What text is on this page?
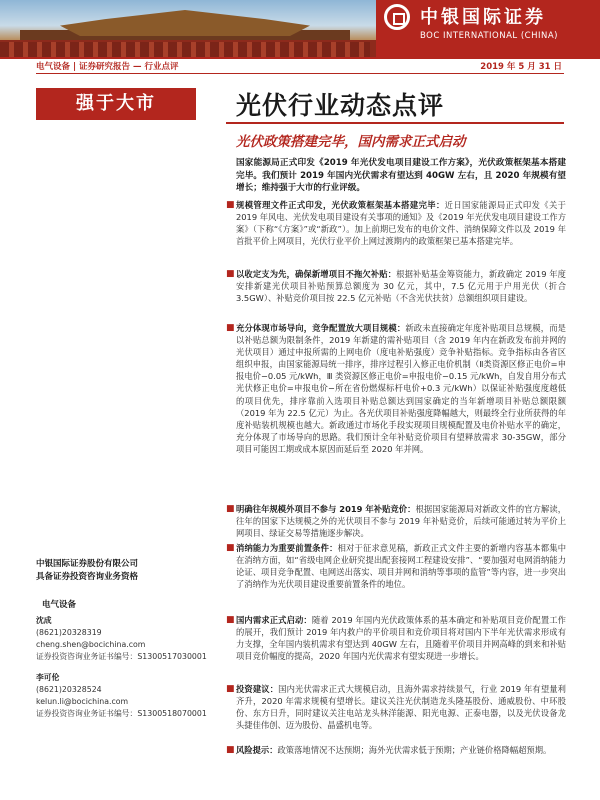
中银国际证券
BOC INTERNATIONAL (CHINA)
电气设备 | 证券研究报告 — 行业点评	2019 年 5 月 31 日
强于大市	光伏行业动态点评
光伏政策搭建完毕，国内需求正式启动
国家能源局正式印发《2019 年光伏发电项目建设工作方案》，光伏政策框架基本搭建完毕。我们预计 2019 年国内光伏需求有望达到 40GW 左右，且 2020 年规模有望增长；维持强于大市的行业评级。
■ 规模管理文件正式印发，光伏政策框架基本搭建完毕：近日国家能源局正式印发《关于 2019 年风电、光伏发电项目建设有关事项的通知》及《2019 年光伏发电项目建设工作方案》（下称“《方案》”或“新政”）。加上前期已发布的电价文件、消纳保障文件以及 2019 年首批平价上网项目，光伏行业平价上网过渡期内的政策框架已基本搭建完毕。
■ 以收定支为先，确保新增项目不拖欠补贴：根据补贴基金筹资能力，新政确定 2019 年度安排新建光伏项目补贴预算总额度为 30 亿元，其中，7.5 亿元用于户用光伏（折合 3.5GW）、补贴竞价项目按 22.5 亿元补贴（不含光伏扶贫）总额组织项目建设。
■ 充分体现市场导向，竞争配置放大项目规模：新政未直接确定年度补贴项目总规模，而是以补贴总额为限制条件，2019 年新建的需补贴项目（含 2019 年内在新政发布前并网的光伏项目）通过申报所需的上网电价（度电补贴强度）竞争补贴指标。竞争指标由各省区组织申报，由国家能源局统一排序，排序过程引入修正电价机制（Ⅱ类资源区修正电价=申报电价−0.05 元/kWh，Ⅲ 类资源区修正电价=申报电价−0.15 元/kWh，自发自用分布式光伏修正电价=申报电价−所在省份燃煤标杆电价+0.3 元/kWh）以保证补贴强度度越低的项目优先，排序靠前入选项目补贴总额达到国家确定的当年新增项目补贴总额限额（2019 年为 22.5 亿元）为止。各光伏项目补贴强度降幅越大，则最终全行业所获得的年度补贴装机规模也越大。新政通过市场化手段实现项目规模配置及电价补贴水平的确定，充分体现了市场导向的思路。我们预计全年补贴竞价项目有望释放需求 30-35GW，部分项目可能因工期或成本原因而延后至 2020 年并网。
■ 明确往年规模外项目不参与 2019 年补贴竞价：根据国家能源局对新政文件的官方解读，往年的国家下达规模之外的光伏项目不参与 2019 年补贴竞价，后续可能通过转为平价上网项目、绿证交易等措施逐步解决。
■ 消纳能力为重要前置条件：相对于征求意见稿，新政正式文件主要的新增内容基本都集中在消纳方面，如“省级电网企业研究提出配套接网工程建设安排”、“要加强对电网消纳能力论证、项目竞争配置、电网送出落实、项目并网和消纳等事项的监管”等内容，进一步突出了消纳作为光伏项目建设重要前置条件的地位。
■ 国内需求正式启动：随着 2019 年国内光伏政策体系的基本确定和补贴项目竞价配置工作的展开，我们预计 2019 年内救户的平价项目和竞价项目将对国内下半年光伏需求形成有力支撑，全年国内装机需求有望达到 40GW 左右，且随着平价项目并网高峰的到来和补贴项目竞价幅度的提高，2020 年国内光伏需求有望实现进一步增长。
■ 投资建议：国内光伏需求正式大规模启动，且海外需求持续景气，行业 2019 年有望量利齐升，2020 年需求规模有望增长。建议关注光伏制造龙头隆基股份、通威股份、中环股份、东方日升，同时建议关注电站龙头林洋能源、阳光电源、正泰电器，以及光伏设备龙头捷佳伟创、迈为股份、晶盛机电等。
■ 风险提示：政策落地情况不达预期；海外光伏需求低于预期；产业链价格降幅超预期。
中银国际证券股份有限公司
具备证券投资咨询业务资格
电气设备
沈成
(8621)20328319
cheng.shen@bocichina.com
证券投资咨询业务证书编号：S1300517030001
李可伦
(8621)20328524
kelun.li@bocichina.com
证券投资咨询业务证书编号：S1300518070001
